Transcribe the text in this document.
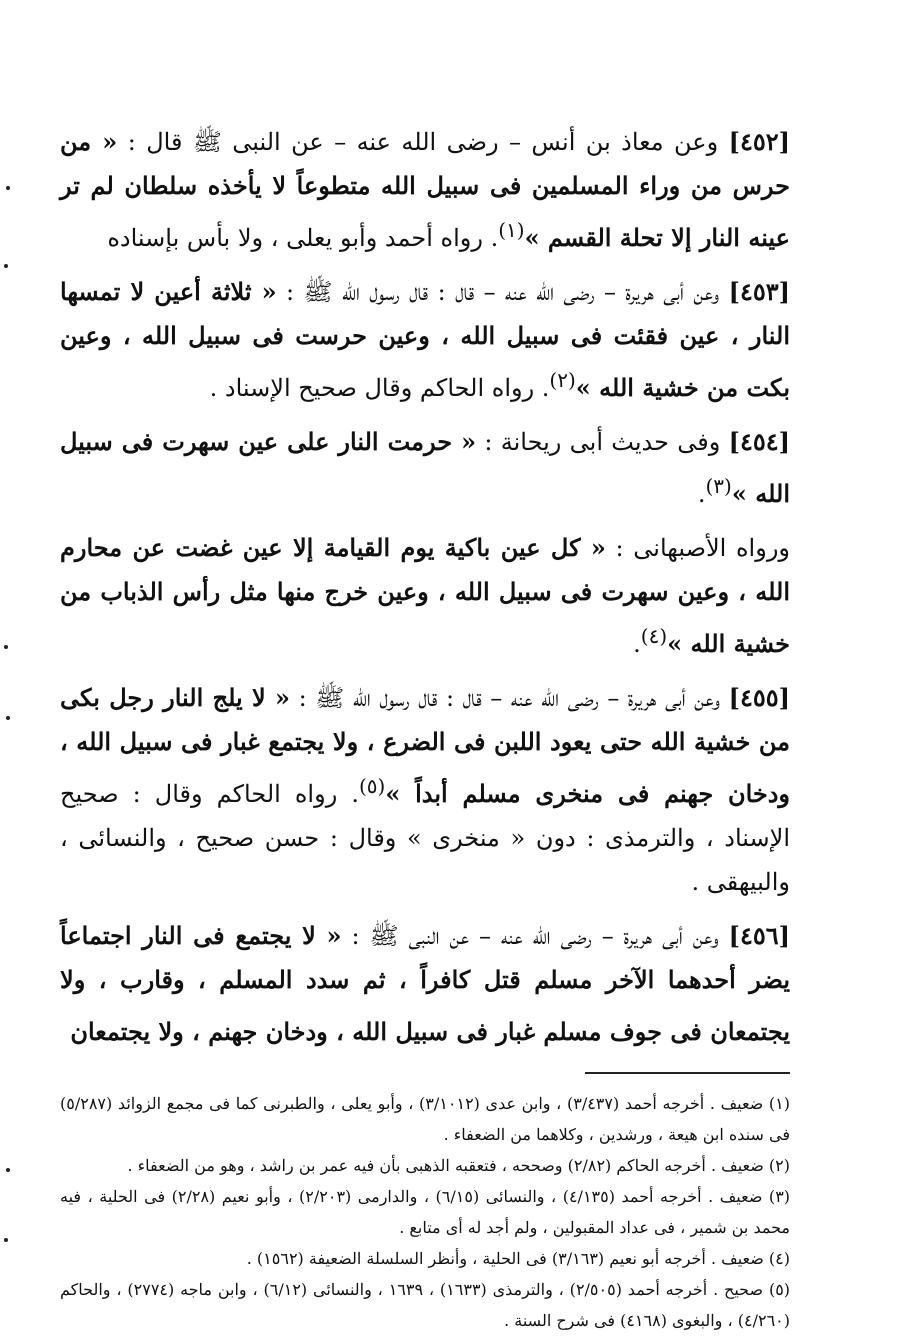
[٤٥٢] وعن معاذ بن أنس – رضى الله عنه – عن النبى ﷺ قال : « من حرس من وراء المسلمين فى سبيل الله متطوعاً لا يأخذه سلطان لم تر عينه النار إلا تحلة القسم »$^{(١)}$. رواه أحمد وأبو يعلى ، ولا بأس بإسناده

[٤٥٣] وعن أبى هريرة – رضى الله عنه – قال : قال رسول الله ﷺ : « ثلاثة أعين لا تمسها النار ، عين فقئت فى سبيل الله ، وعين حرست فى سبيل الله ، وعين بكت من خشية الله »$^{(٢)}$. رواه الحاكم وقال صحيح الإسناد .

[٤٥٤] وفى حديث أبى ريحانة : « حرمت النار على عين سهرت فى سبيل الله »$^{(٣)}$.

ورواه الأصبهانى : « كل عين باكية يوم القيامة إلا عين غضت عن محارم الله ، وعين سهرت فى سبيل الله ، وعين خرج منها مثل رأس الذباب من خشية الله »$^{(٤)}$.

[٤٥٥] وعن أبى هريرة – رضى الله عنه – قال : قال رسول الله ﷺ : « لا يلج النار رجل بكى من خشية الله حتى يعود اللبن فى الضرع ، ولا يجتمع غبار فى سبيل الله ، ودخان جهنم فى منخرى مسلم أبداً »$^{(٥)}$. رواه الحاكم وقال : صحيح الإسناد ، والترمذى : دون « منخرى » وقال : حسن صحيح ، والنسائى ، والبيهقى .

[٤٥٦] وعن أبى هريرة – رضى الله عنه – عن النبى ﷺ : « لا يجتمع فى النار اجتماعاً يضر أحدهما الآخر مسلم قتل كافراً ، ثم سدد المسلم ، وقارب ، ولا يجتمعان فى جوف مسلم غبار فى سبيل الله ، ودخان جهنم ، ولا يجتمعان

(١) ضعيف . أخرجه أحمد (٣/٤٣٧) ، وابن عدى (٣/١٠١٢) ، وأبو يعلى ، والطبرنى كما فى مجمع الزوائد (٥/٢٨٧) فى سنده ابن هيعة ، ورشدين ، وكلاهما من الضعفاء .

(٢) ضعيف . أخرجه الحاكم (٢/٨٢) وصححه ، فتعقبه الذهبى بأن فيه عمر بن راشد ، وهو من الضعفاء .

(٣) ضعيف . أخرجه أحمد (٤/١٣٥) ، والنسائى (٦/١٥) ، والدارمى (٢/٢٠٣) ، وأبو نعيم (٢/٢٨) فى الحلية ، فيه محمد بن شمير ، فى عداد المقبولين ، ولم أجد له أى متابع .

(٤) ضعيف . أخرجه أبو نعيم (٣/١٦٣) فى الحلية ، وأنظر السلسلة الضعيفة (١٥٦٢) .

(٥) صحيح . أخرجه أحمد (٢/٥٠٥) ، والترمذى (١٦٣٣) ، ١٦٣٩ ، والنسائى (٦/١٢) ، وابن ماجه (٢٧٧٤) ، والحاكم (٤/٢٦٠) ، والبغوى (٤١٦٨) فى شرح السنة .
